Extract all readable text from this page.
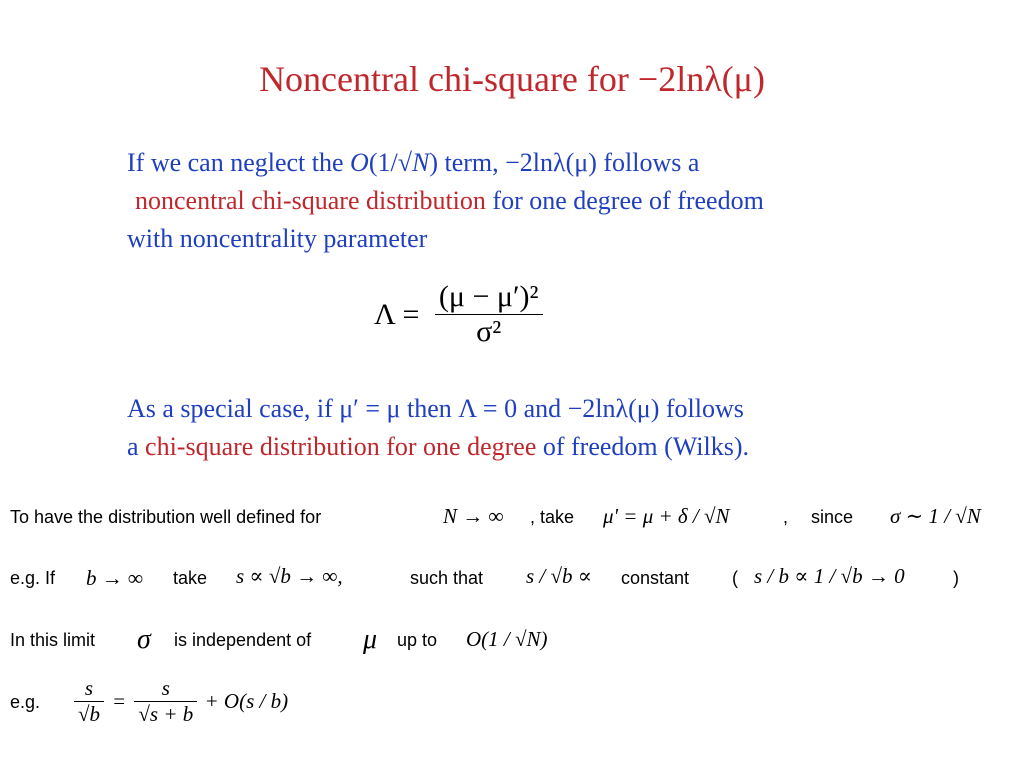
Noncentral chi-square for −2lnλ(μ)
If we can neglect the O(1/√N) term, −2lnλ(μ) follows a
noncentral chi-square distribution for one degree of freedom
with noncentrality parameter
$\Lambda = \frac{\text{(μ − μ′)²}}{\text{σ²}}$
As a special case, if μ′ = μ then Λ = 0 and −2lnλ(μ) follows
a chi-square distribution for one degree of freedom (Wilks).
To have the distribution well defined for	N → ∞ , take μ' = μ + δ / √N	, since σ ∼ 1 / √N
e.g. If b → ∞ take s ∝ √b → ∞,	such that s / √b ∝ constant ( s / b ∝ 1 / √b → 0	)
In this limit σ is independent of μ up to O(1 / √N)
e.g. $\frac{s}{√b} = \frac{s}{√s + b} + O(s / b)$
